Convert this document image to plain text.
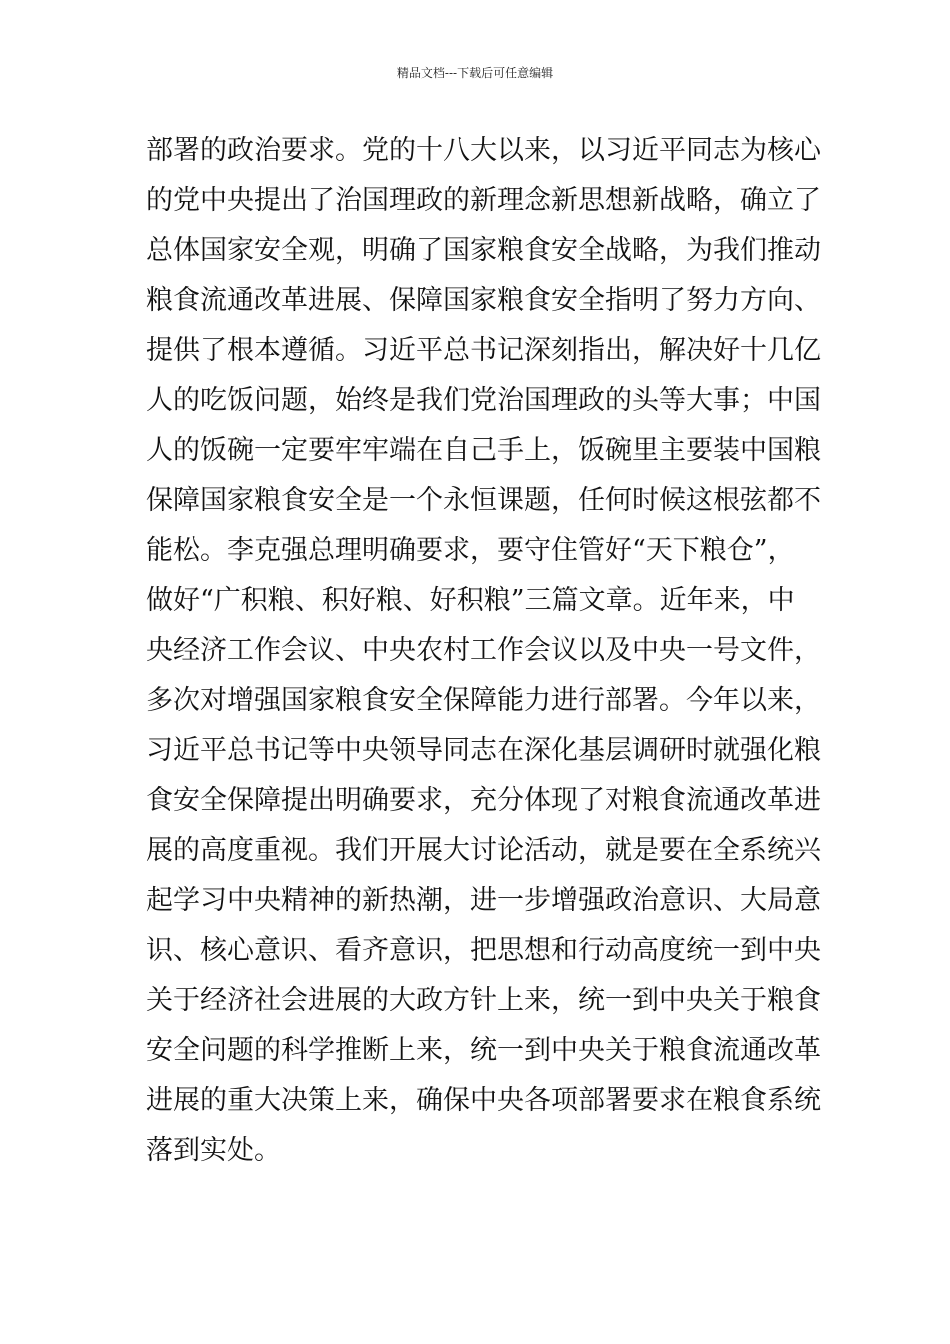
精品文档---下载后可任意编辑
部署的政治要求。党的十八大以来，以习近平同志为核心
的党中央提出了治国理政的新理念新思想新战略，确立了
总体国家安全观，明确了国家粮食安全战略，为我们推动
粮食流通改革进展、保障国家粮食安全指明了努力方向、
提供了根本遵循。习近平总书记深刻指出，解决好十几亿
人的吃饭问题，始终是我们党治国理政的头等大事；中国
人的饭碗一定要牢牢端在自己手上，饭碗里主要装中国粮
保障国家粮食安全是一个永恒课题，任何时候这根弦都不
能松。李克强总理明确要求，要守住管好“天下粮仓”，
做好“广积粮、积好粮、好积粮”三篇文章。近年来，中
央经济工作会议、中央农村工作会议以及中央一号文件，
多次对增强国家粮食安全保障能力进行部署。今年以来，
习近平总书记等中央领导同志在深化基层调研时就强化粮
食安全保障提出明确要求，充分体现了对粮食流通改革进
展的高度重视。我们开展大讨论活动，就是要在全系统兴
起学习中央精神的新热潮，进一步增强政治意识、大局意
识、核心意识、看齐意识，把思想和行动高度统一到中央
关于经济社会进展的大政方针上来，统一到中央关于粮食
安全问题的科学推断上来，统一到中央关于粮食流通改革
进展的重大决策上来，确保中央各项部署要求在粮食系统
落到实处。
